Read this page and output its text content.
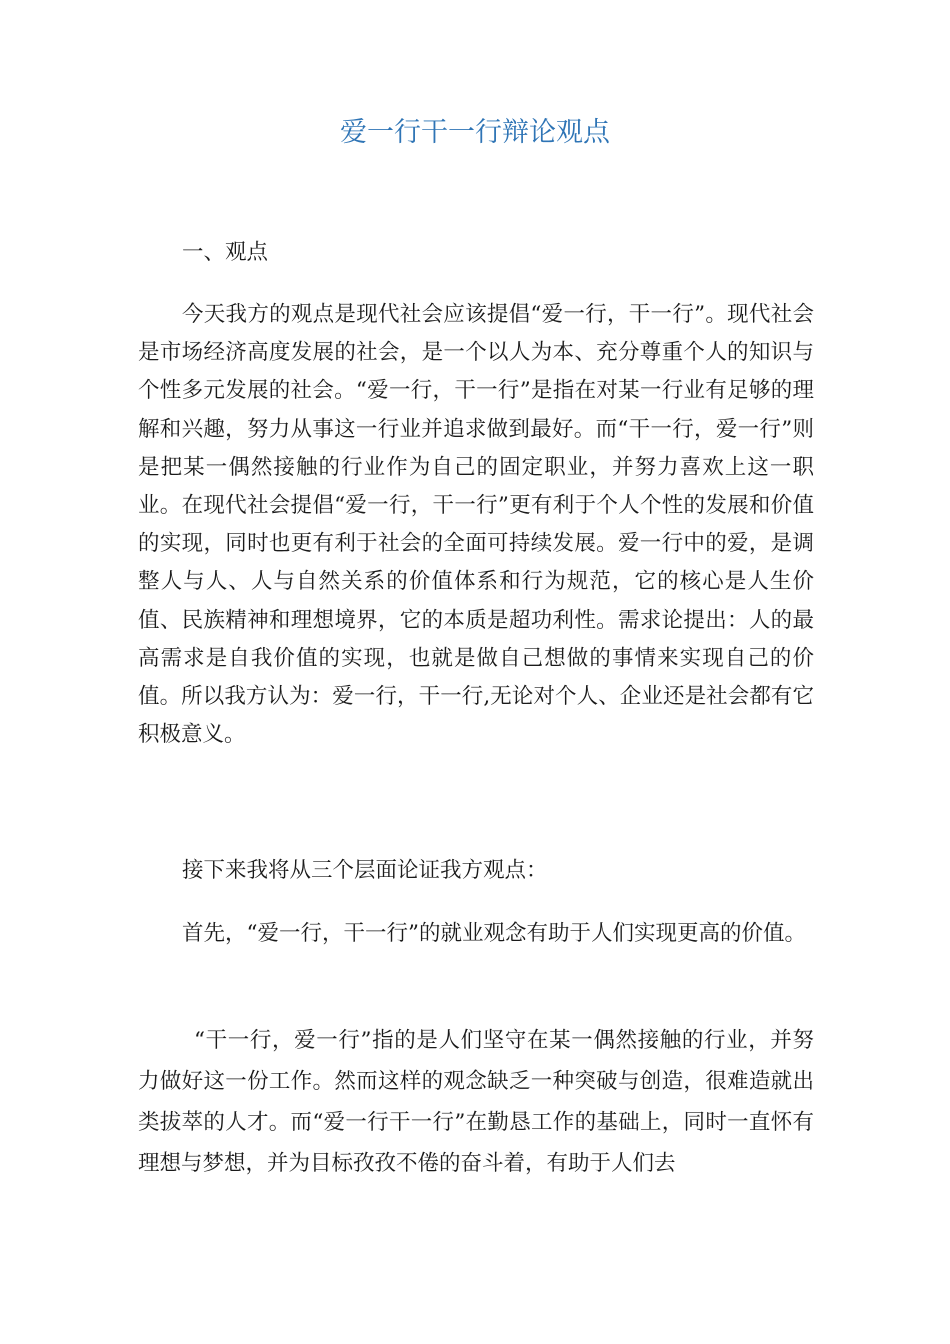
爱一行干一行辩论观点

一、观点

今天我方的观点是现代社会应该提倡“爱一行，干一行”。现代社会是市场经济高度发展的社会，是一个以人为本、充分尊重个人的知识与个性多元发展的社会。“爱一行，干一行”是指在对某一行业有足够的理解和兴趣，努力从事这一行业并追求做到最好。而“干一行，爱一行”则是把某一偶然接触的行业作为自己的固定职业，并努力喜欢上这一职业。在现代社会提倡“爱一行，干一行”更有利于个人个性的发展和价值的实现，同时也更有利于社会的全面可持续发展。爱一行中的爱，是调整人与人、人与自然关系的价值体系和行为规范，它的核心是人生价值、民族精神和理想境界，它的本质是超功利性。需求论提出：人的最高需求是自我价值的实现，也就是做自己想做的事情来实现自己的价值。所以我方认为：爱一行，干一行,无论对个人、企业还是社会都有它积极意义。

接下来我将从三个层面论证我方观点：

首先，“爱一行，干一行”的就业观念有助于人们实现更高的价值。

“干一行，爱一行”指的是人们坚守在某一偶然接触的行业，并努力做好这一份工作。然而这样的观念缺乏一种突破与创造，很难造就出类拔萃的人才。而“爱一行干一行”在勤恳工作的基础上，同时一直怀有理想与梦想，并为目标孜孜不倦的奋斗着，有助于人们去
